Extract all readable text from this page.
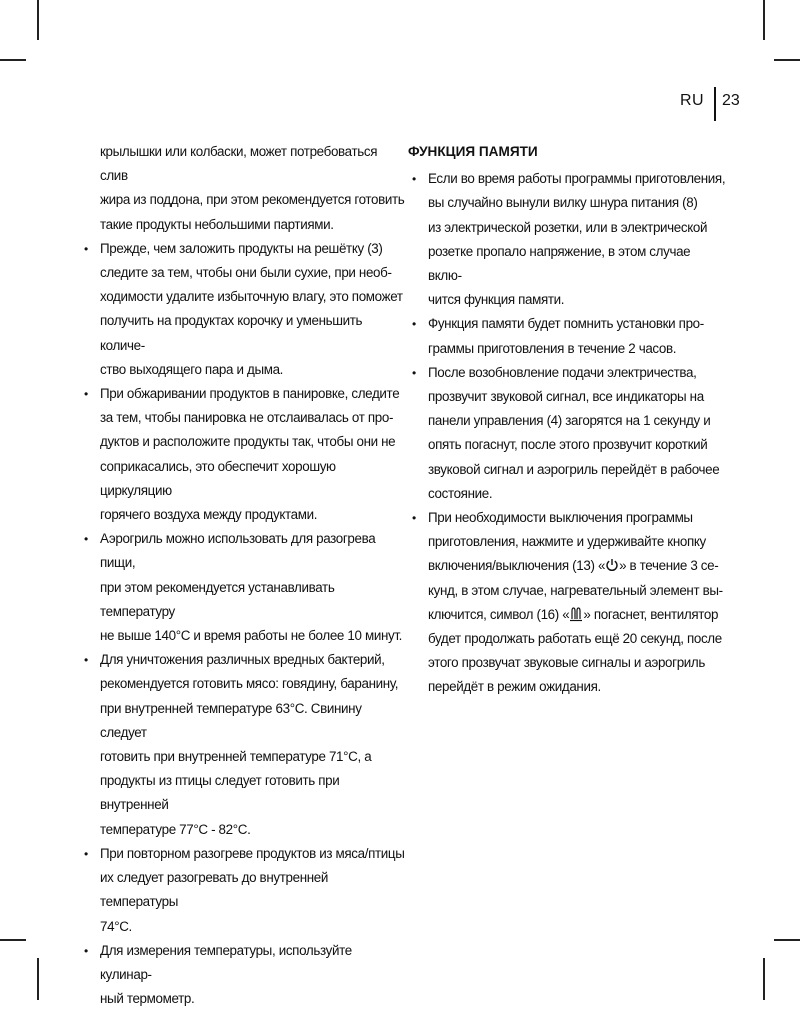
RU 23
крылышки или колбаски, может потребоваться слив
жира из поддона, при этом рекомендуется готовить
такие продукты небольшими партиями.
• Прежде, чем заложить продукты на решётку (3)
следите за тем, чтобы они были сухие, при необ-
ходимости удалите избыточную влагу, это поможет
получить на продуктах корочку и уменьшить количе-
ство выходящего пара и дыма.
• При обжаривании продуктов в панировке, следите
за тем, чтобы панировка не отслаивалась от про-
дуктов и расположите продукты так, чтобы они не
соприкасались, это обеспечит хорошую циркуляцию
горячего воздуха между продуктами.
• Аэрогриль можно использовать для разогрева пищи,
при этом рекомендуется устанавливать температуру
не выше 140°С и время работы не более 10 минут.
• Для уничтожения различных вредных бактерий,
рекомендуется готовить мясо: говядину, баранину,
при внутренней температуре 63°С. Свинину следует
готовить при внутренней температуре 71°С, а
продукты из птицы следует готовить при внутренней
температуре 77°С - 82°С.
• При повторном разогреве продуктов из мяса/птицы
их следует разогревать до внутренней температуры
74°С.
• Для измерения температуры, используйте кулинар-
ный термометр.
ФУНКЦИЯ ПАМЯТИ
• Если во время работы программы приготовления,
вы случайно вынули вилку шнура питания (8)
из электрической розетки, или в электрической
розетке пропало напряжение, в этом случае вклю-
чится функция памяти.
• Функция памяти будет помнить установки про-
граммы приготовления в течение 2 часов.
• После возобновление подачи электричества,
прозвучит звуковой сигнал, все индикаторы на
панели управления (4) загорятся на 1 секунду и
опять погаснут, после этого прозвучит короткий
звуковой сигнал и аэрогриль перейдёт в рабочее
состояние.
• При необходимости выключения программы
приготовления, нажмите и удерживайте кнопку
включения/выключения (13) « » в течение 3 се-
кунд, в этом случае, нагревательный элемент вы-
ключится, символ (16) « » погаснет, вентилятор
будет продолжать работать ещё 20 секунд, после
этого прозвучат звуковые сигналы и аэрогриль
перейдёт в режим ожидания.
